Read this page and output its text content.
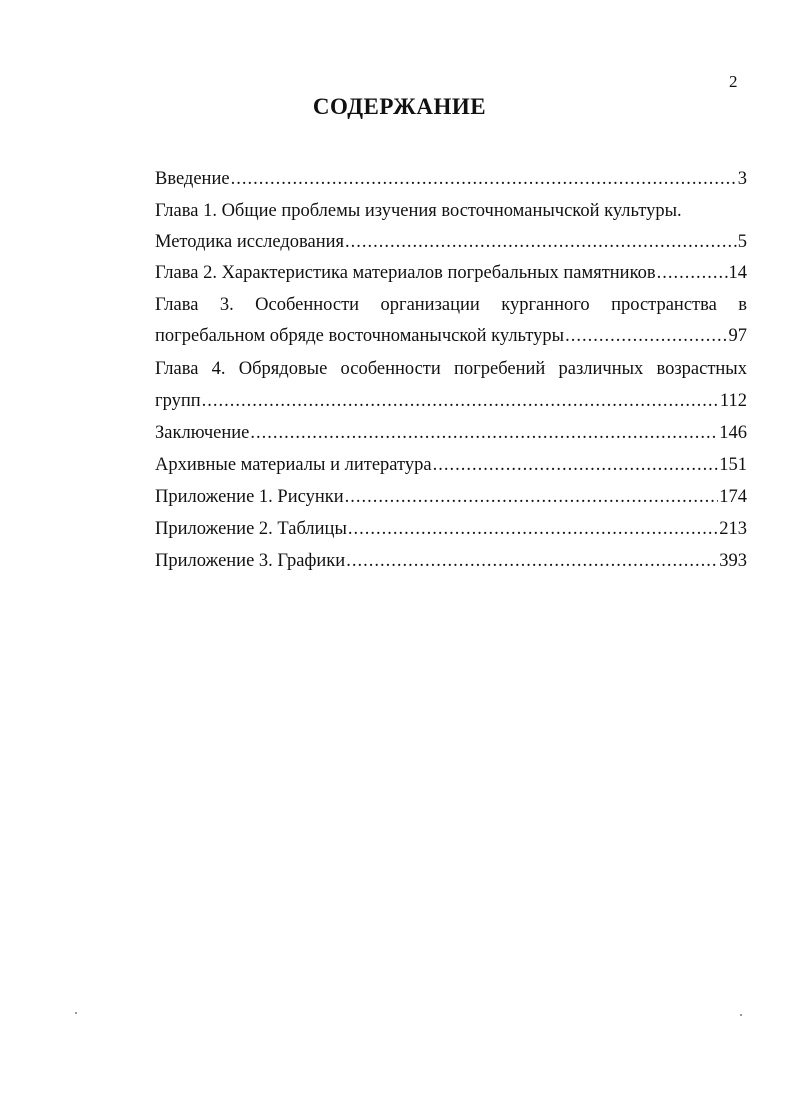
2
СОДЕРЖАНИЕ
Введение .....	3
Глава 1. Общие проблемы изучения восточноманычской культуры.
Методика исследования .....	5
Глава 2. Характеристика материалов погребальных памятников .....	14
Глава 3. Особенности организации курганного пространства в
погребальном обряде восточноманычской культуры .....	97
Глава 4. Обрядовые особенности погребений различных возрастных
групп .....	112
Заключение .....	146
Архивные материалы и литература .....	151
Приложение 1. Рисунки .....	174
Приложение 2. Таблицы .....	213
Приложение 3. Графики .....	393
